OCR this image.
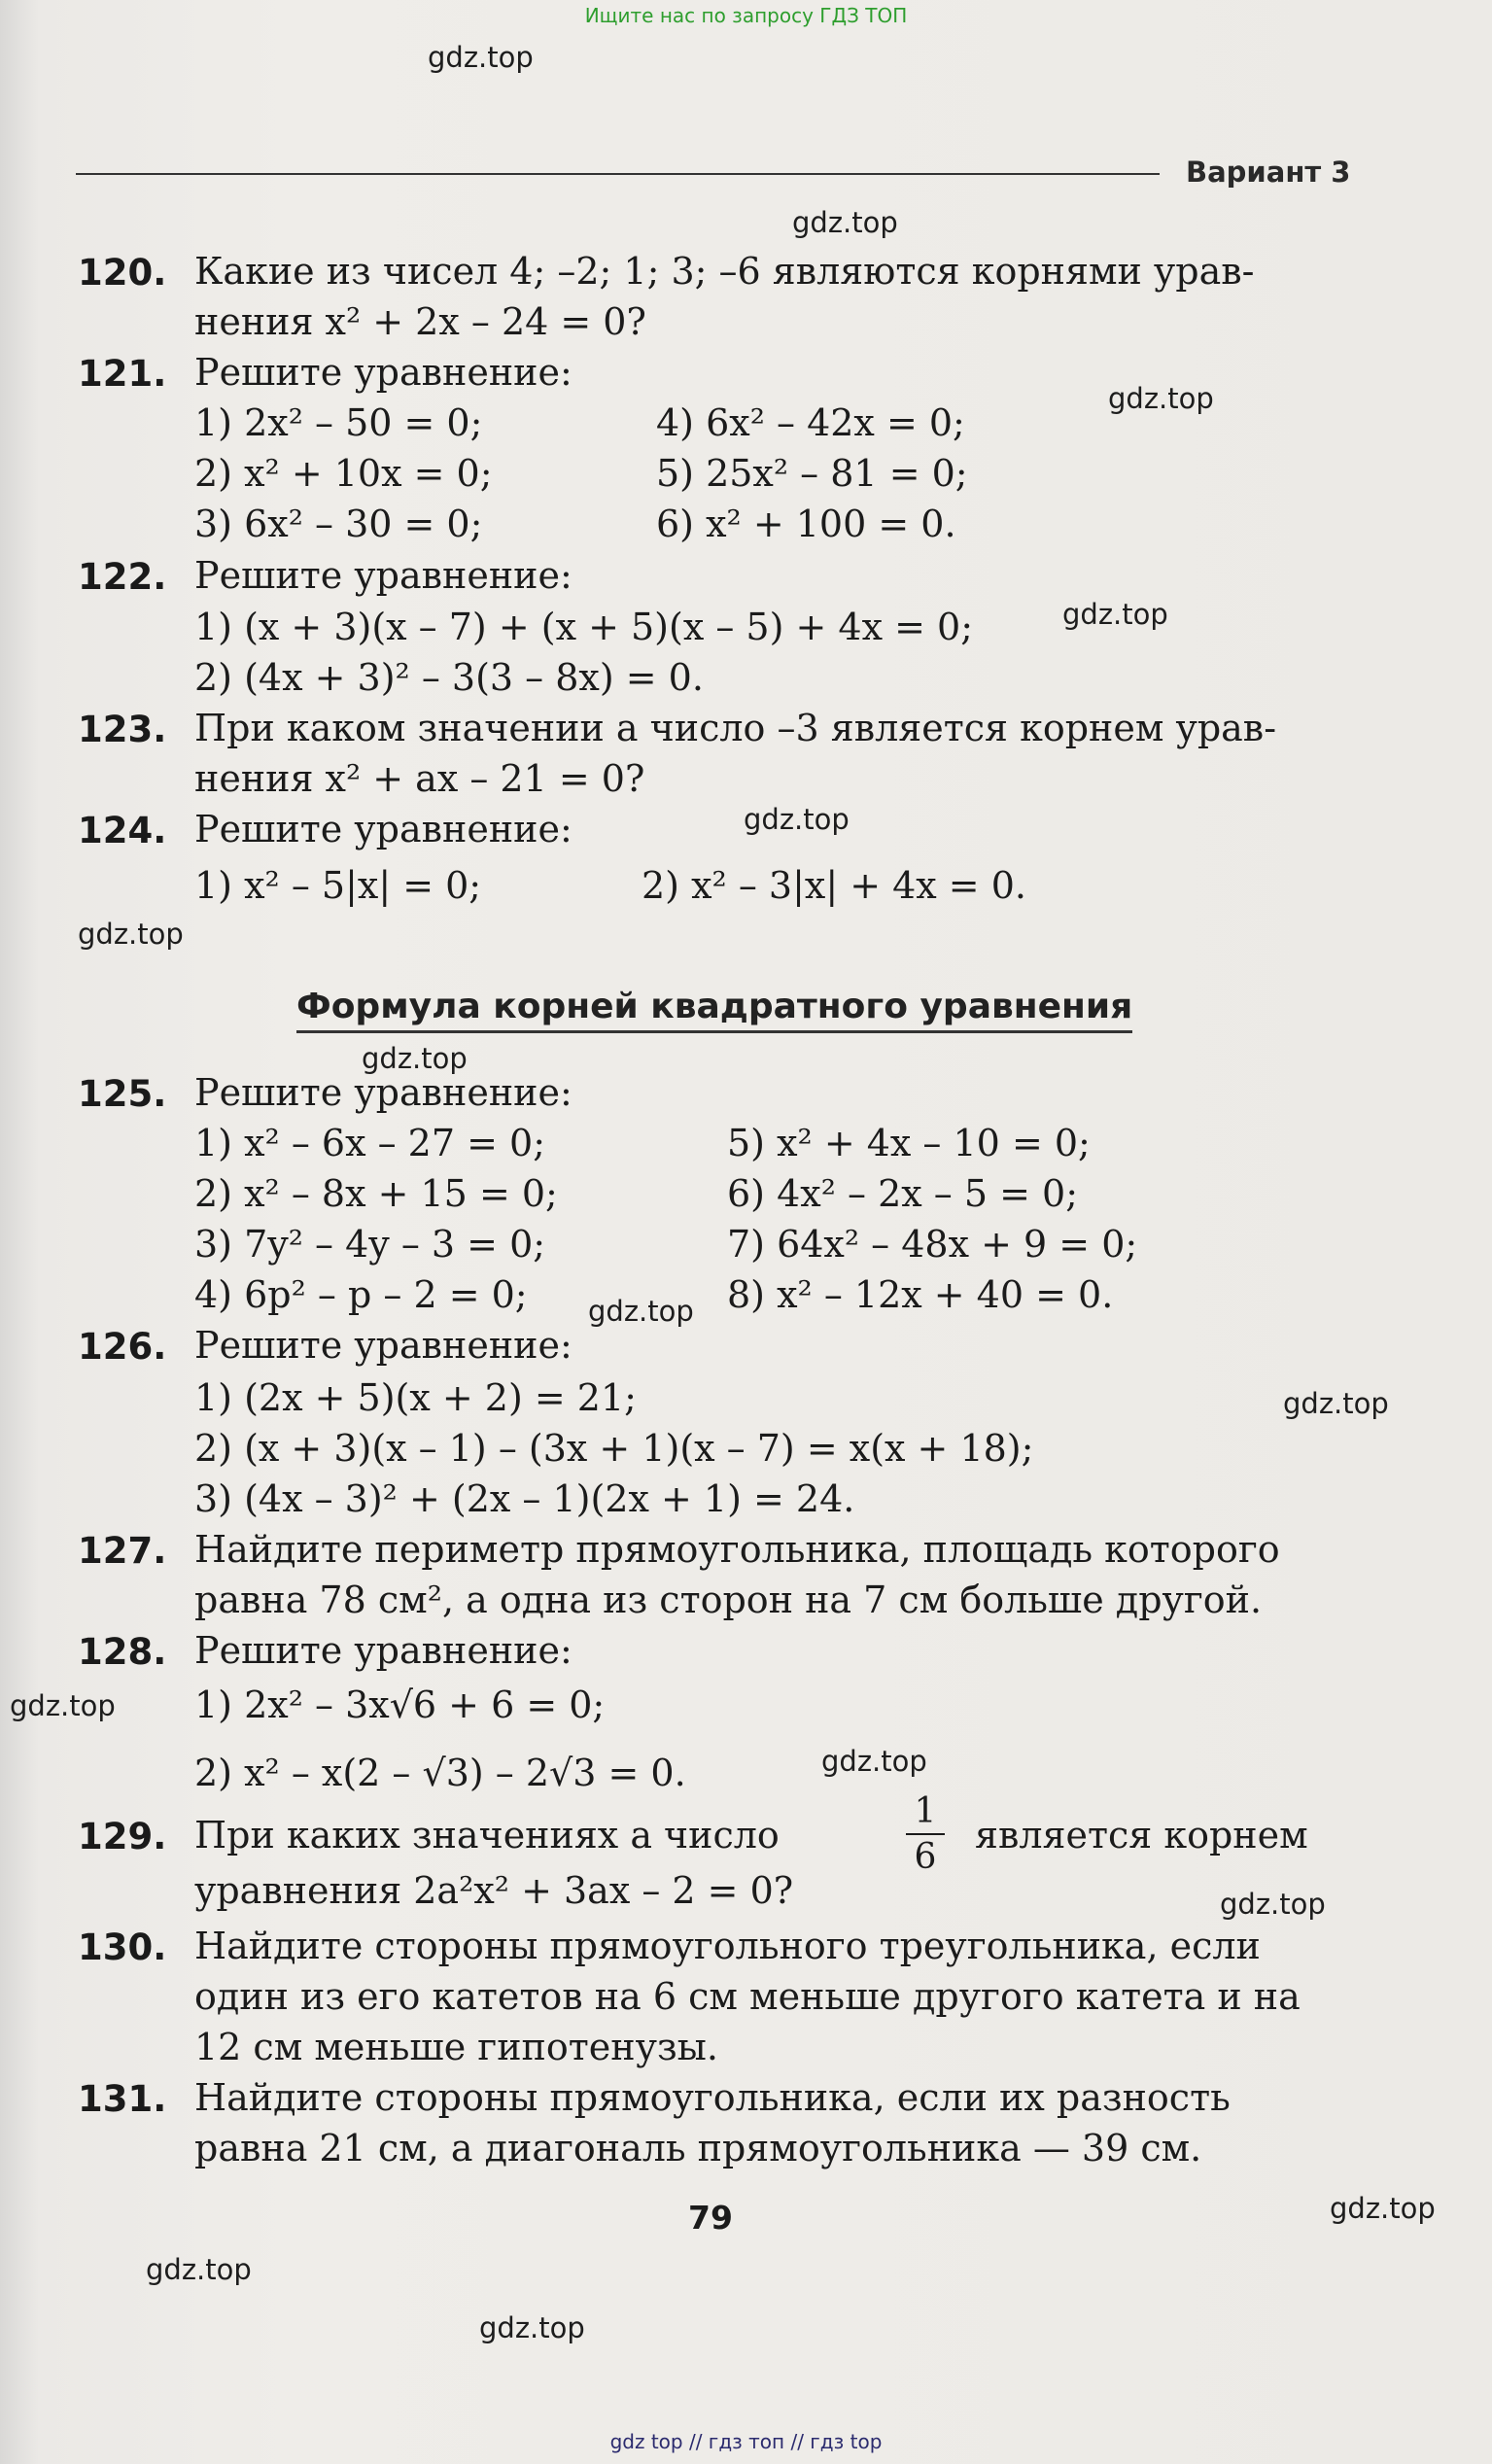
Ищите нас по запросу ГДЗ ТОП
gdz.top
Вариант 3
gdz.top
120. Какие из чисел 4; –2; 1; 3; –6 являются корнями урав-
нения x² + 2x – 24 = 0?
121. Решите уравнение:
1) 2x² – 50 = 0;	4) 6x² – 42x = 0;
2) x² + 10x = 0;	5) 25x² – 81 = 0;
3) 6x² – 30 = 0;	6) x² + 100 = 0.
gdz.top
122. Решите уравнение:
1) (x + 3)(x – 7) + (x + 5)(x – 5) + 4x = 0;
2) (4x + 3)² – 3(3 – 8x) = 0.
gdz.top
123. При каком значении a число –3 является корнем урав-
нения x² + ax – 21 = 0?
124. Решите уравнение:	gdz.top
1) x² – 5|x| = 0;	2) x² – 3|x| + 4x = 0.
gdz.top
Формула корней квадратного уравнения
gdz.top
125. Решите уравнение:
1) x² – 6x – 27 = 0;	5) x² + 4x – 10 = 0;
2) x² – 8x + 15 = 0;	6) 4x² – 2x – 5 = 0;
3) 7y² – 4y – 3 = 0;	7) 64x² – 48x + 9 = 0;
4) 6p² – p – 2 = 0;	8) x² – 12x + 40 = 0.
gdz.top
126. Решите уравнение:
1) (2x + 5)(x + 2) = 21;
2) (x + 3)(x – 1) – (3x + 1)(x – 7) = x(x + 18);
3) (4x – 3)² + (2x – 1)(2x + 1) = 24.
gdz.top
127. Найдите периметр прямоугольника, площадь которого
равна 78 см², а одна из сторон на 7 см больше другой.
128. Решите уравнение:
gdz.top 1) 2x² – 3x√6 + 6 = 0;
gdz.top
2) x² – x(2 – √3) – 2√3 = 0.
129. При каких значениях a число
1
6
является корнем
уравнения 2a²x² + 3ax – 2 = 0?	gdz.top
130. Найдите стороны прямоугольного треугольника, если
один из его катетов на 6 см меньше другого катета и на
12 см меньше гипотенузы.
131. Найдите стороны прямоугольника, если их разность
равна 21 см, а диагональ прямоугольника — 39 см.
79	gdz.top
gdz.top
gdz.top
gdz top // гдз топ // гдз top
